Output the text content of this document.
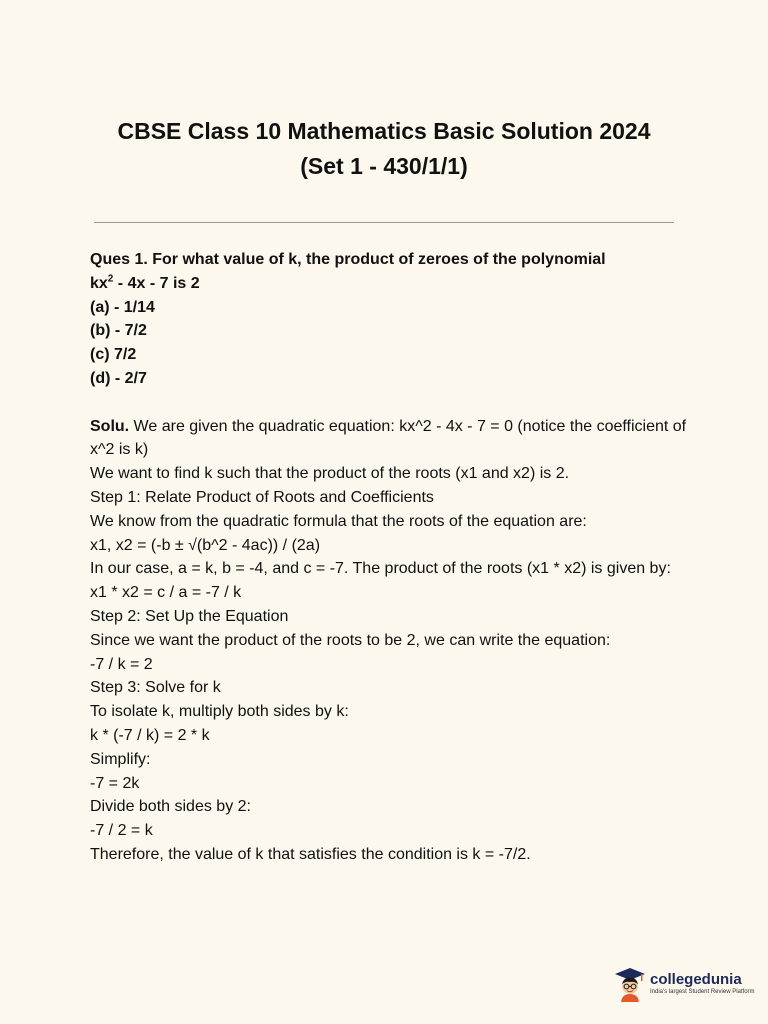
CBSE Class 10 Mathematics Basic Solution 2024
(Set 1 - 430/1/1)
Ques 1. For what value of k, the product of zeroes of the polynomial
$kx^2 - 4x - 7$ is 2
(a) - 1/14
(b) - 7/2
(c) 7/2
(d) - 2/7
Solu. We are given the quadratic equation: kx^2 - 4x - 7 = 0 (notice the coefficient of x^2 is k)
We want to find k such that the product of the roots (x1 and x2) is 2.
Step 1: Relate Product of Roots and Coefficients
We know from the quadratic formula that the roots of the equation are:
x1, x2 = (-b ± √(b^2 - 4ac)) / (2a)
In our case, a = k, b = -4, and c = -7. The product of the roots (x1 * x2) is given by:
x1 * x2 = c / a = -7 / k
Step 2: Set Up the Equation
Since we want the product of the roots to be 2, we can write the equation:
-7 / k = 2
Step 3: Solve for k
To isolate k, multiply both sides by k:
k * (-7 / k) = 2 * k
Simplify:
-7 = 2k
Divide both sides by 2:
-7 / 2 = k
Therefore, the value of k that satisfies the condition is k = -7/2.
collegedunia
India's largest Student Review Platform
